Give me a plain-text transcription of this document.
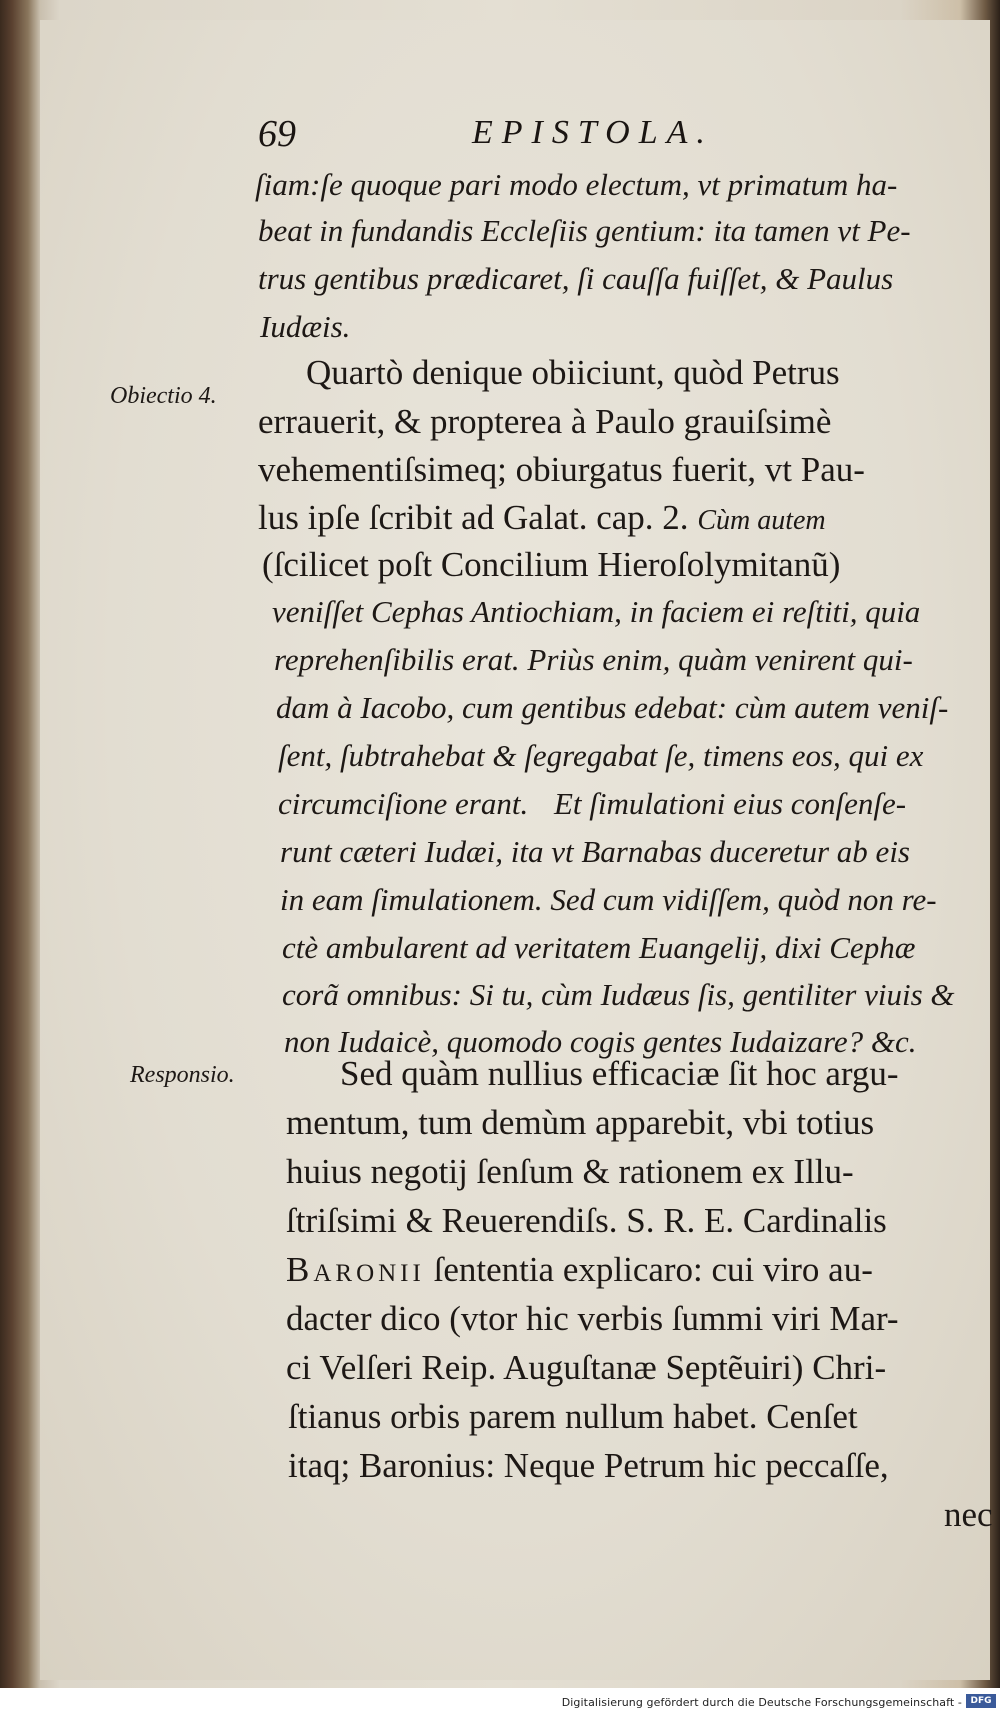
69	EPISTOLA.
ſiam:ſe quoque pari modo electum, vt primatum ha-
beat in fundandis Eccleſiis gentium: ita tamen vt Pe-
trus gentibus prædicaret, ſi cauſſa fuiſſet, & Paulus
Iudæis.
Obiectio 4.
Quartò denique obiiciunt, quòd Petrus
errauerit, & propterea à Paulo grauiſsimè
vehementiſsimeq; obiurgatus fuerit, vt Pau-
lus ipſe ſcribit ad Galat. cap. 2. Cùm autem
(ſcilicet poſt Concilium Hieroſolymitanũ)
veniſſet Cephas Antiochiam, in faciem ei reſtiti, quia
reprehenſibilis erat. Priùs enim, quàm venirent qui-
dam à Iacobo, cum gentibus edebat: cùm autem veniſ-
ſent, ſubtrahebat & ſegregabat ſe, timens eos, qui ex
circumciſione erant. Et ſimulationi eius conſenſe-
runt cæteri Iudæi, ita vt Barnabas duceretur ab eis
in eam ſimulationem. Sed cum vidiſſem, quòd non re-
ctè ambularent ad veritatem Euangelij, dixi Cephæ
corã omnibus: Si tu, cùm Iudæus ſis, gentiliter viuis &
non Iudaicè, quomodo cogis gentes Iudaizare? &c.
Responsio.	Sed quàm nullius efficaciæ ſit hoc argu-
mentum, tum demùm apparebit, vbi totius
huius negotij ſenſum & rationem ex Illu-
ſtriſsimi & Reuerendiſs. S. R. E. Cardinalis
Baronii ſententia explicaro: cui viro au-
dacter dico (vtor hic verbis ſummi viri Mar-
ci Velſeri Reip. Auguſtanæ Septẽuiri) Chri-
ſtianus orbis parem nullum habet. Cenſet
itaq; Baronius: Neque Petrum hic peccaſſe,
nec
Digitalisierung gefördert durch die Deutsche Forschungsgemeinschaft - DFG
